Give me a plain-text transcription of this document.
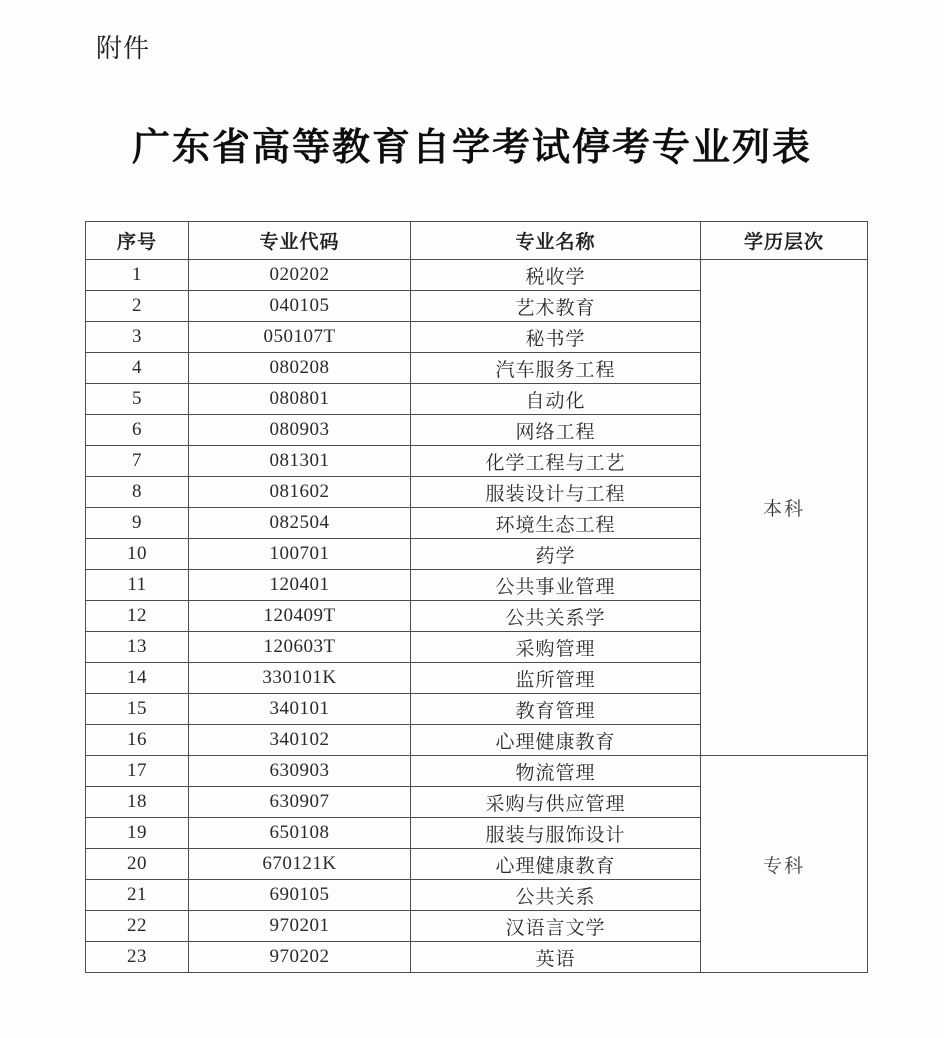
附件
广东省高等教育自学考试停考专业列表
序号	专业代码	专业名称	学历层次
1	020202	税收学	本科
2	040105	艺术教育	
3	050107T	秘书学	
4	080208	汽车服务工程	
5	080801	自动化	
6	080903	网络工程	
7	081301	化学工程与工艺	
8	081602	服装设计与工程	
9	082504	环境生态工程	
10	100701	药学	
11	120401	公共事业管理	
12	120409T	公共关系学	
13	120603T	采购管理	
14	330101K	监所管理	
15	340101	教育管理	
16	340102	心理健康教育	
17	630903	物流管理	专科
18	630907	采购与供应管理	
19	650108	服装与服饰设计	
20	670121K	心理健康教育	
21	690105	公共关系	
22	970201	汉语言文学	
23	970202	英语	
